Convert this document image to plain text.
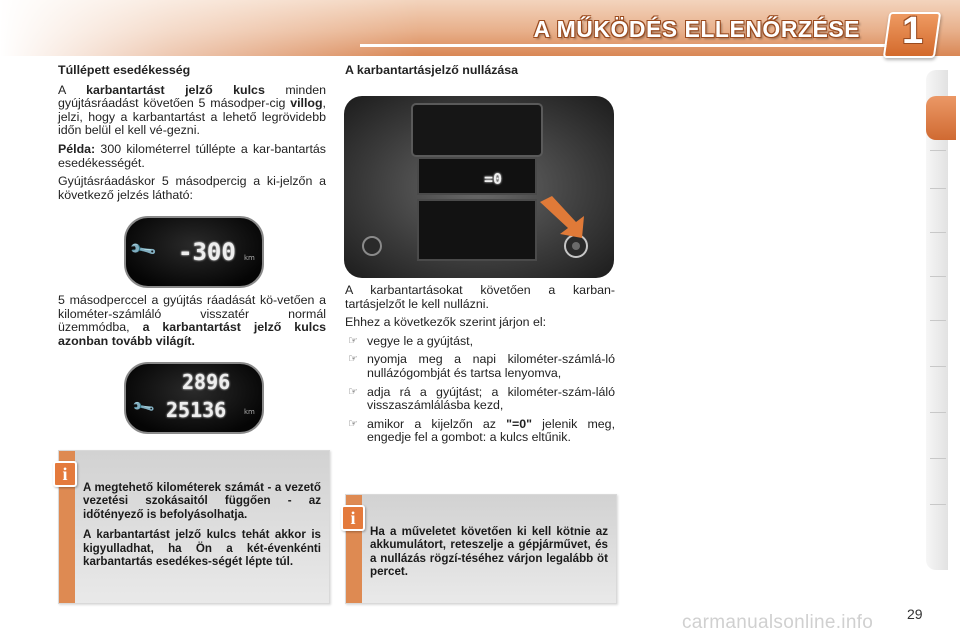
A MŰKÖDÉS ELLENŐRZÉSE 1
Túllépett esedékesség

A karbantartást jelző kulcs minden gyújtásráadást követően 5 másodper-cig villog, jelzi, hogy a karbantartást a lehető legrövidebb időn belül el kell vé-gezni.

Példa: 300 kilométerrel túllépte a kar-bantartás esedékességét.

Gyújtásráadáskor 5 másodpercig a ki-jelzőn a következő jelzés látható:

🔧 -300 km

5 másodperccel a gyújtás ráadását kö-vetően a kilométer-számláló visszatér normál üzemmódba, a karbantartást jelző kulcs azonban tovább világít.

2896
25136
🔧	km
A karbantartásjelző nullázása
=0

A karbantartásokat követően a karban-tartásjelzőt le kell nullázni.

Ehhez a következők szerint járjon el:

☞ vegye le a gyújtást,
☞ nyomja meg a napi kilométer-számlá-ló nullázógombját és tartsa lenyomva,
☞ adja rá a gyújtást; a kilométer-szám-láló visszaszámlálásba kezd,
☞ amikor a kijelzőn az "=0" jelenik meg, engedje fel a gombot: a kulcs eltűnik.

A megtehető kilométerek számát - a vezető vezetési szokásaitól függően - az időtényező is befolyásolhatja.

A karbantartást jelző kulcs tehát akkor is kigyulladhat, ha Ön a két-évenkénti karbantartás esedékes-ségét lépte túl.

i

Ha a műveletet követően ki kell kötnie az akkumulátort, reteszelje a gépjárművet, és a nullázás rögzí-téséhez várjon legalább öt percet.

i
carmanualsonline.info 29
